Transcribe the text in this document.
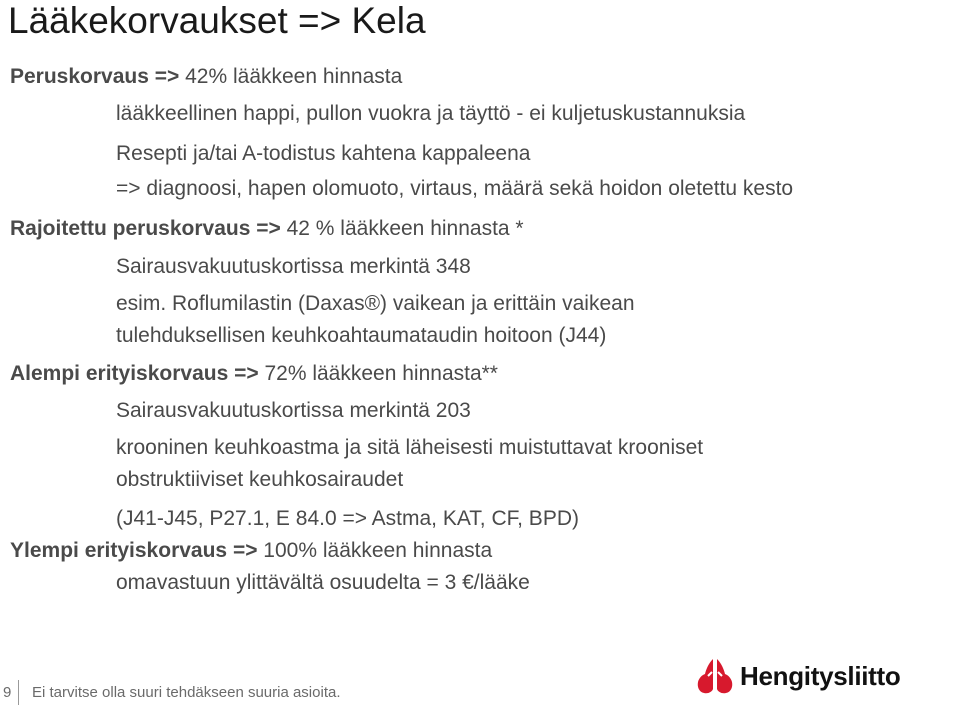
Lääkekorvaukset => Kela
Peruskorvaus => 42% lääkkeen hinnasta
lääkkeellinen happi, pullon vuokra ja täyttö - ei kuljetuskustannuksia
Resepti ja/tai A-todistus kahtena kappaleena
=> diagnoosi, hapen olomuoto, virtaus, määrä sekä hoidon oletettu kesto
Rajoitettu peruskorvaus => 42 % lääkkeen hinnasta *
Sairausvakuutuskortissa merkintä 348
esim. Roflumilastin (Daxas®) vaikean ja erittäin vaikean
tulehduksellisen keuhkoahtaumataudin hoitoon (J44)
Alempi erityiskorvaus => 72% lääkkeen hinnasta**
Sairausvakuutuskortissa merkintä 203
krooninen keuhkoastma ja sitä läheisesti muistuttavat krooniset
obstruktiiviset keuhkosairaudet
(J41-J45, P27.1, E 84.0 => Astma, KAT, CF, BPD)
Ylempi erityiskorvaus => 100% lääkkeen hinnasta
omavastuun ylittävältä osuudelta = 3 €/lääke
9 Ei tarvitse olla suuri tehdäkseen suuria asioita.
Hengitysliitto
